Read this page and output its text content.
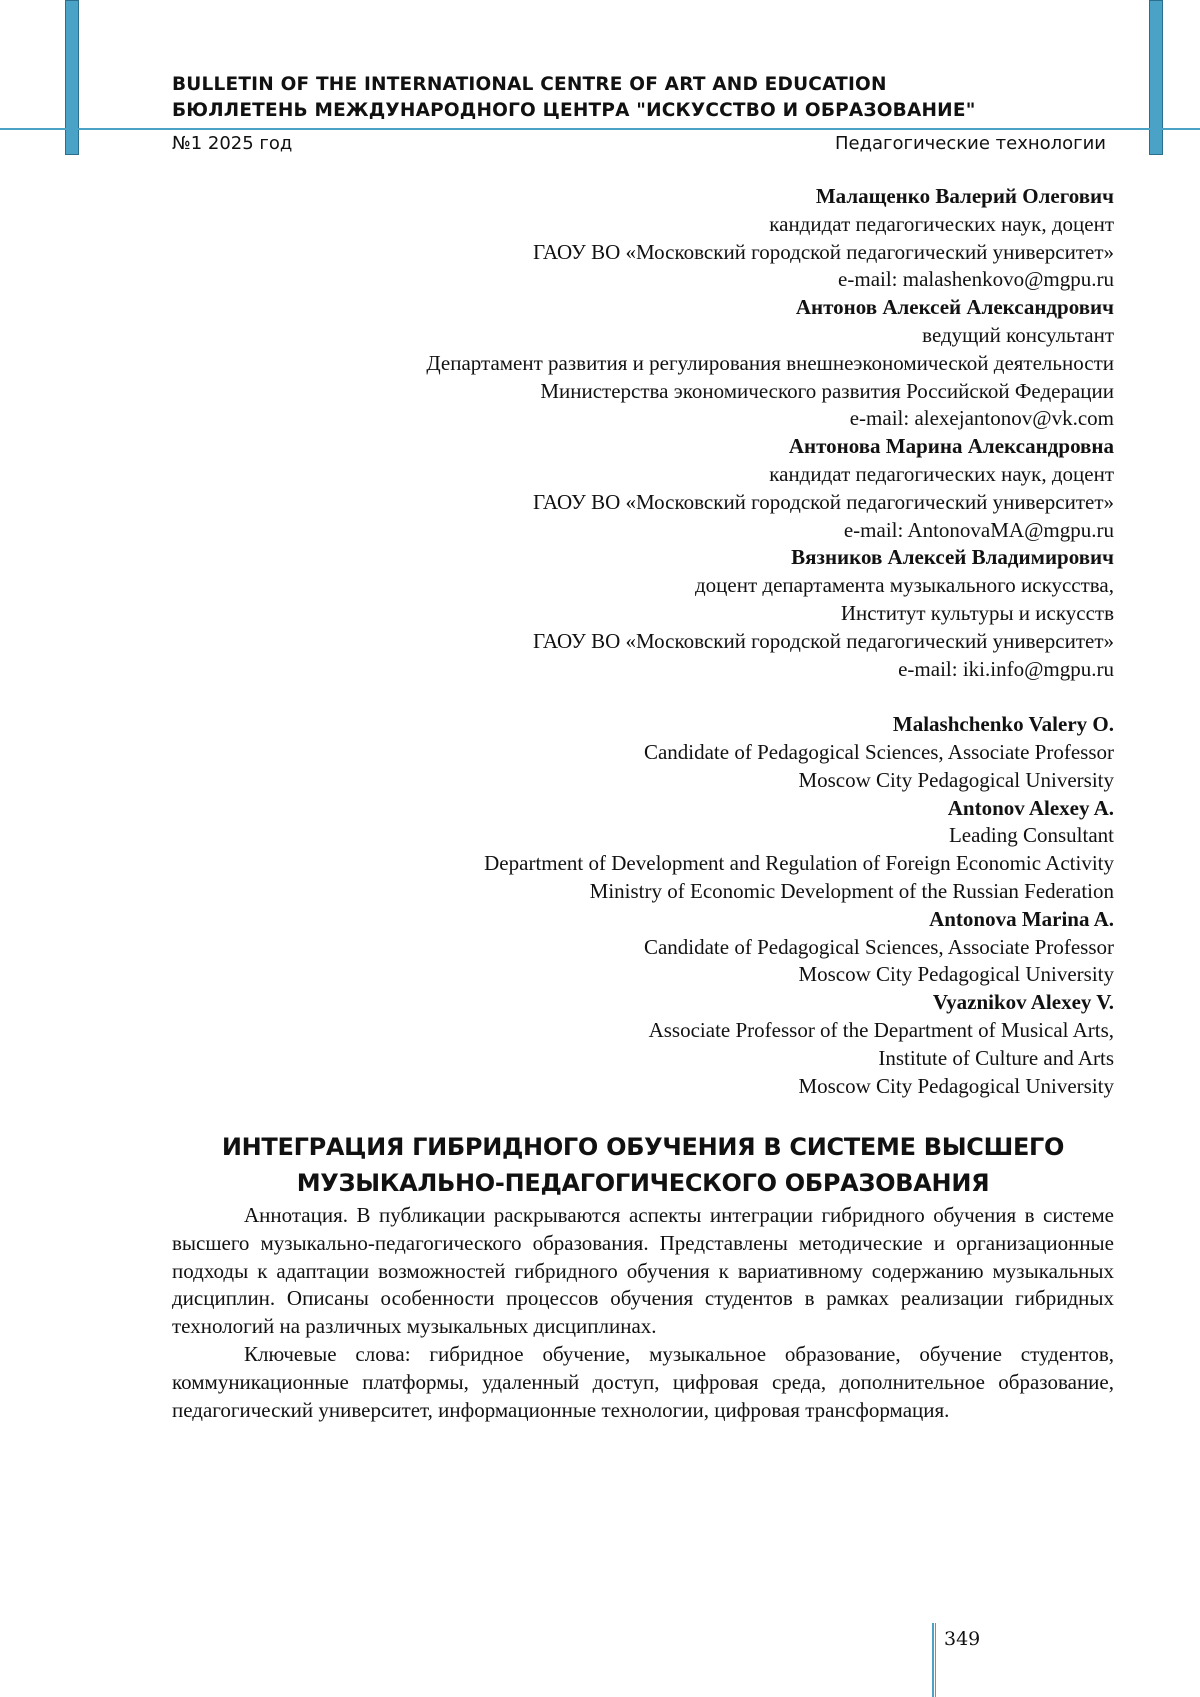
BULLETIN OF THE INTERNATIONAL CENTRE OF ART AND EDUCATION
БЮЛЛЕТЕНЬ МЕЖДУНАРОДНОГО ЦЕНТРА "ИСКУССТВО И ОБРАЗОВАНИЕ"
№1 2025 год	Педагогические технологии
Малащенко Валерий Олегович
кандидат педагогических наук, доцент
ГАОУ ВО «Московский городской педагогический университет»
e-mail: malashenkovo@mgpu.ru
Антонов Алексей Александрович
ведущий консультант
Департамент развития и регулирования внешнеэкономической деятельности
Министерства экономического развития Российской Федерации
e-mail: alexejantonov@vk.com
Антонова Марина Александровна
кандидат педагогических наук, доцент
ГАОУ ВО «Московский городской педагогический университет»
e-mail: AntonovaMA@mgpu.ru
Вязников Алексей Владимирович
доцент департамента музыкального искусства,
Институт культуры и искусств
ГАОУ ВО «Московский городской педагогический университет»
e-mail: iki.info@mgpu.ru
Malashchenko Valery O.
Candidate of Pedagogical Sciences, Associate Professor
Moscow City Pedagogical University
Antonov Alexey A.
Leading Consultant
Department of Development and Regulation of Foreign Economic Activity
Ministry of Economic Development of the Russian Federation
Antonova Marina A.
Candidate of Pedagogical Sciences, Associate Professor
Moscow City Pedagogical University
Vyaznikov Alexey V.
Associate Professor of the Department of Musical Arts,
Institute of Culture and Arts
Moscow City Pedagogical University
ИНТЕГРАЦИЯ ГИБРИДНОГО ОБУЧЕНИЯ В СИСТЕМЕ ВЫСШЕГО
МУЗЫКАЛЬНО-ПЕДАГОГИЧЕСКОГО ОБРАЗОВАНИЯ

Аннотация. В публикации раскрываются аспекты интеграции гибридного обучения в системе высшего музыкально-педагогического образования. Представлены методические и организационные подходы к адаптации возможностей гибридного обучения к вариативному содержанию музыкальных дисциплин. Описаны особенности процессов обучения студентов в рамках реализации гибридных технологий на различных музыкальных дисциплинах.

Ключевые слова: гибридное обучение, музыкальное образование, обучение студентов, коммуникационные платформы, удаленный доступ, цифровая среда, дополнительное образование, педагогический университет, информационные технологии, цифровая трансформация.

349
